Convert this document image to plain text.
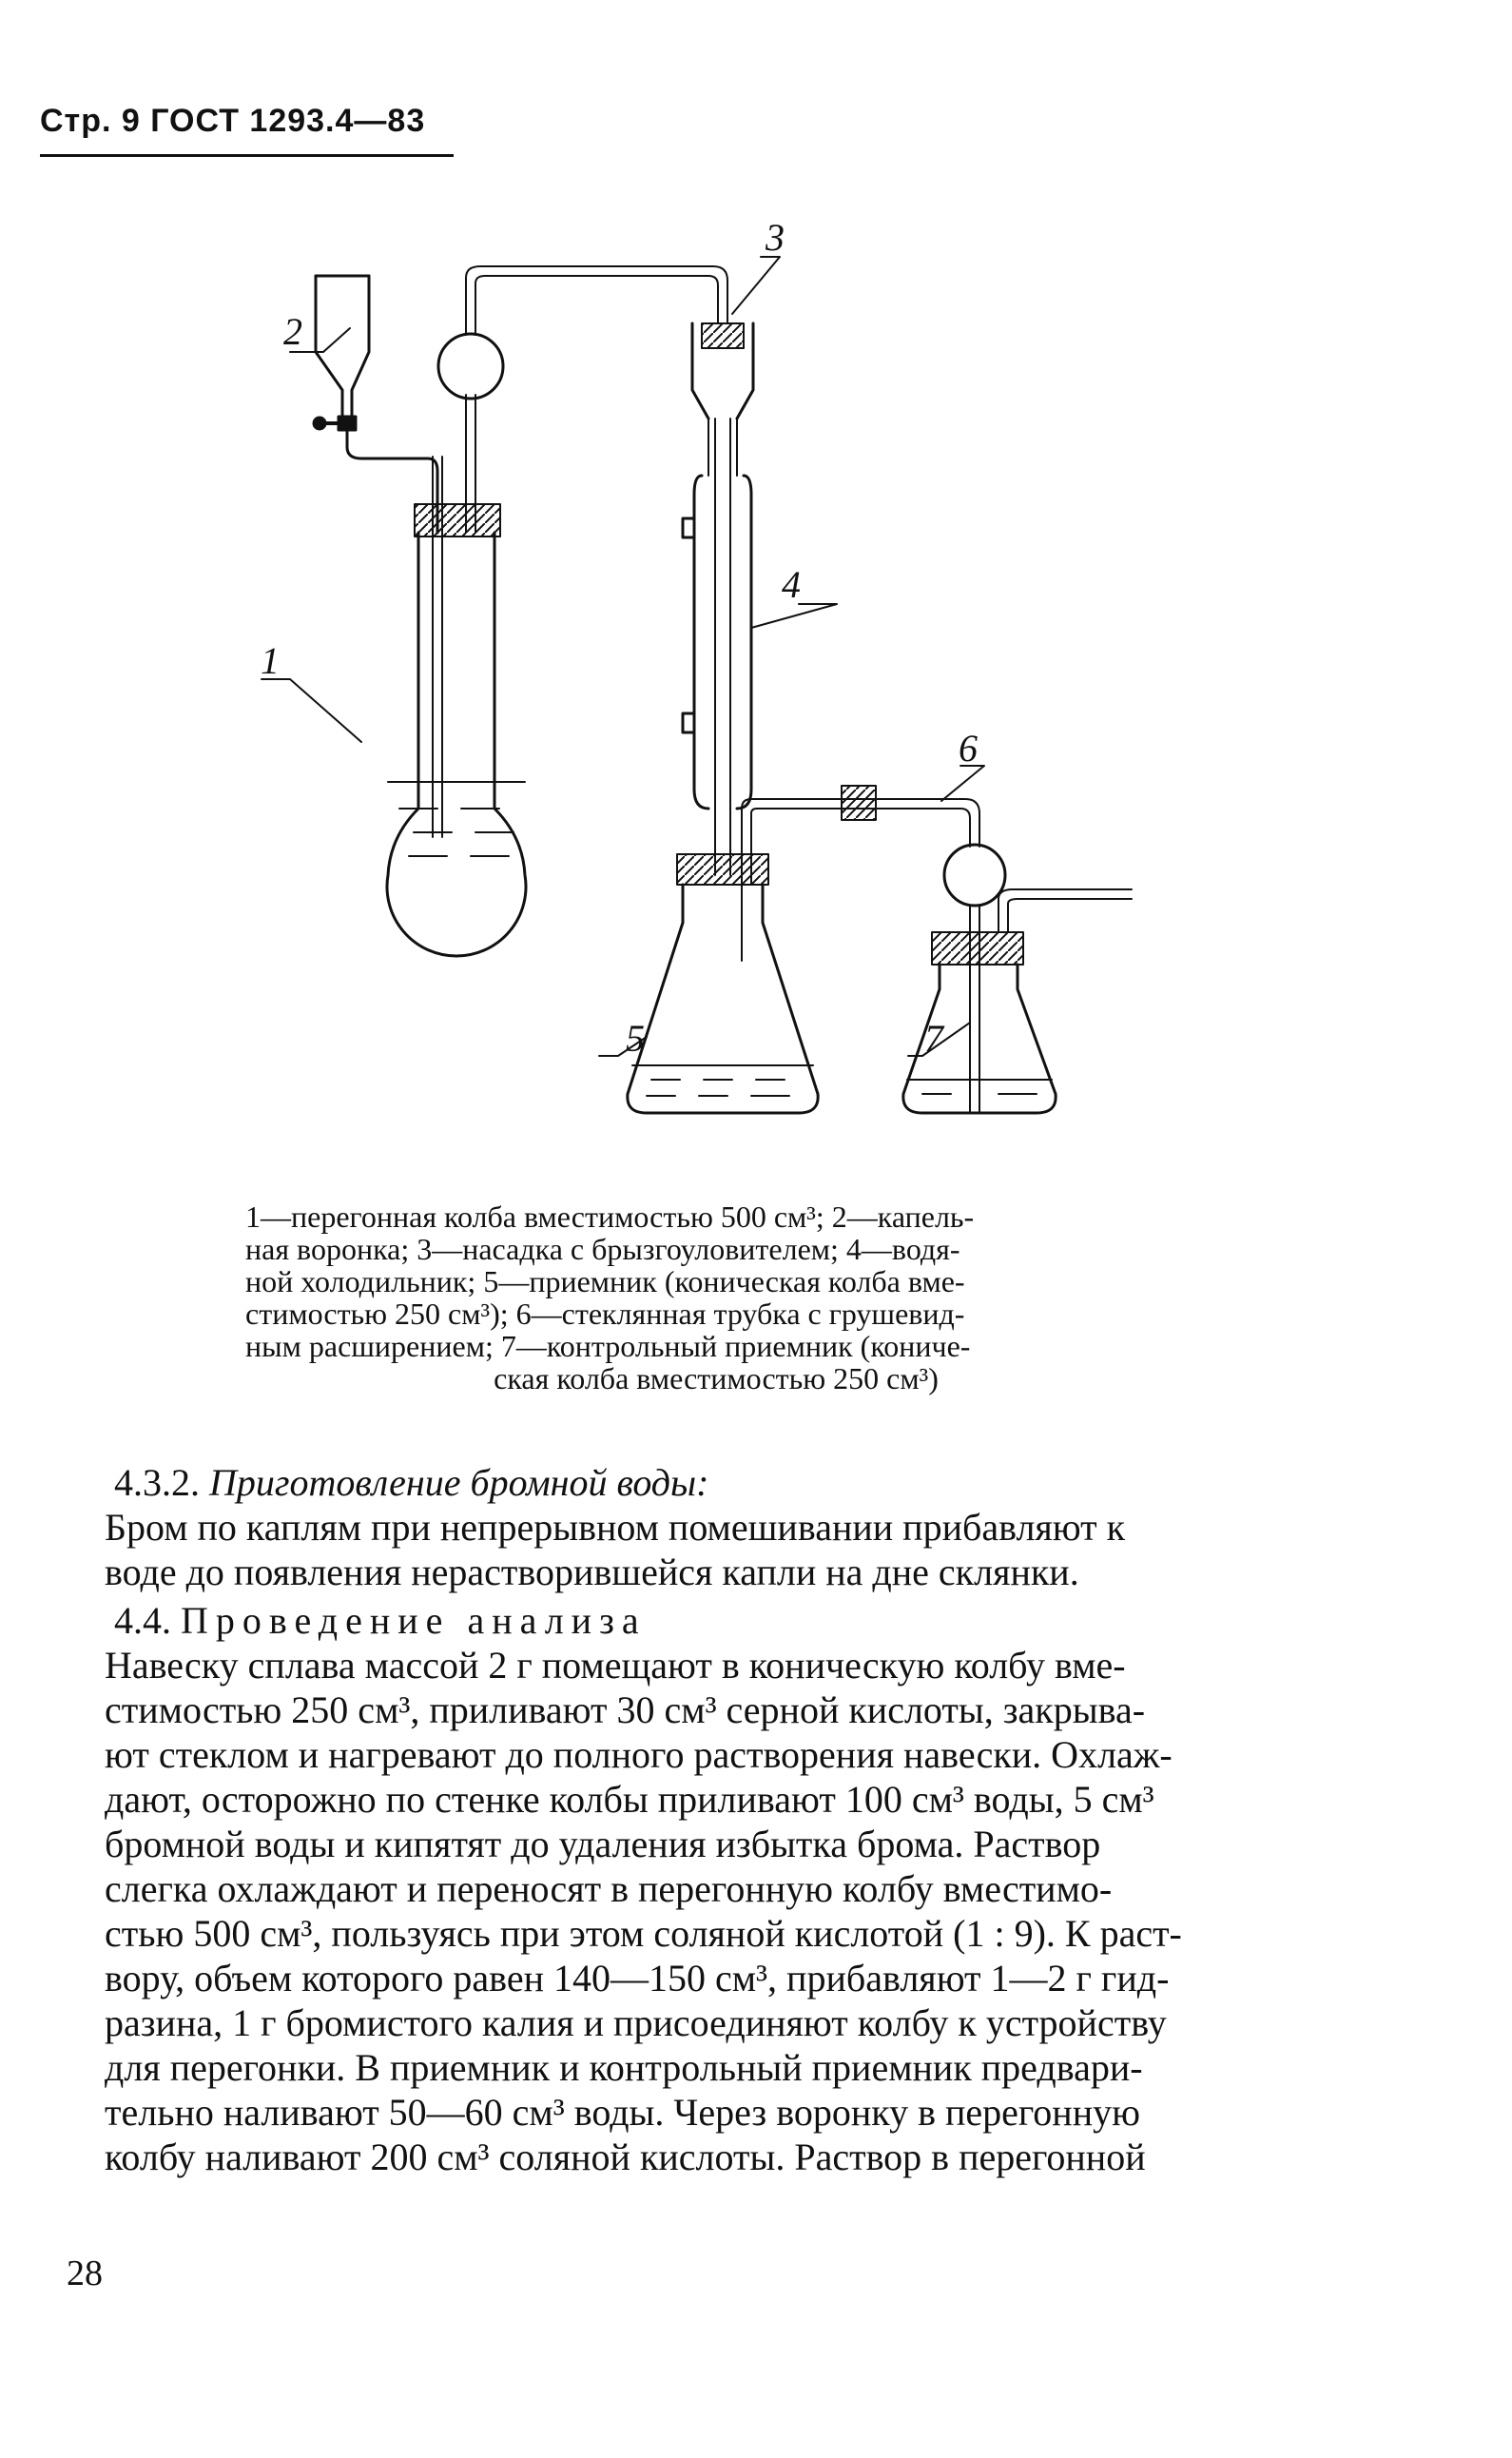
Стр. 9 ГОСТ 1293.4—83
2
1
3
4
6
5	7
1—перегонная колба вместимостью 500 см³; 2—капель-
ная воронка; 3—насадка с брызгоуловителем; 4—водя-
ной холодильник; 5—приемник (коническая колба вме-
стимостью 250 см³); 6—стеклянная трубка с грушевид-
ным расширением; 7—контрольный приемник (кониче-
ская колба вместимостью 250 см³)

4.3.2. Приготовление бромной воды:

Бром по каплям при непрерывном помешивании прибавляют к

воде до появления нерастворившейся капли на дне склянки.

4.4. Проведение анализа

Навеску сплава массой 2 г помещают в коническую колбу вме-

стимостью 250 см³, приливают 30 см³ серной кислоты, закрыва-

ют стеклом и нагревают до полного растворения навески. Охлаж-

дают, осторожно по стенке колбы приливают 100 см³ воды, 5 см³

бромной воды и кипятят до удаления избытка брома. Раствор

слегка охлаждают и переносят в перегонную колбу вместимо-

стью 500 см³, пользуясь при этом соляной кислотой (1 : 9). К раст-

вору, объем которого равен 140—150 см³, прибавляют 1—2 г гид-

разина, 1 г бромистого калия и присоединяют колбу к устройству

для перегонки. В приемник и контрольный приемник предвари-

тельно наливают 50—60 см³ воды. Через воронку в перегонную

колбу наливают 200 см³ соляной кислоты. Раствор в перегонной

28
